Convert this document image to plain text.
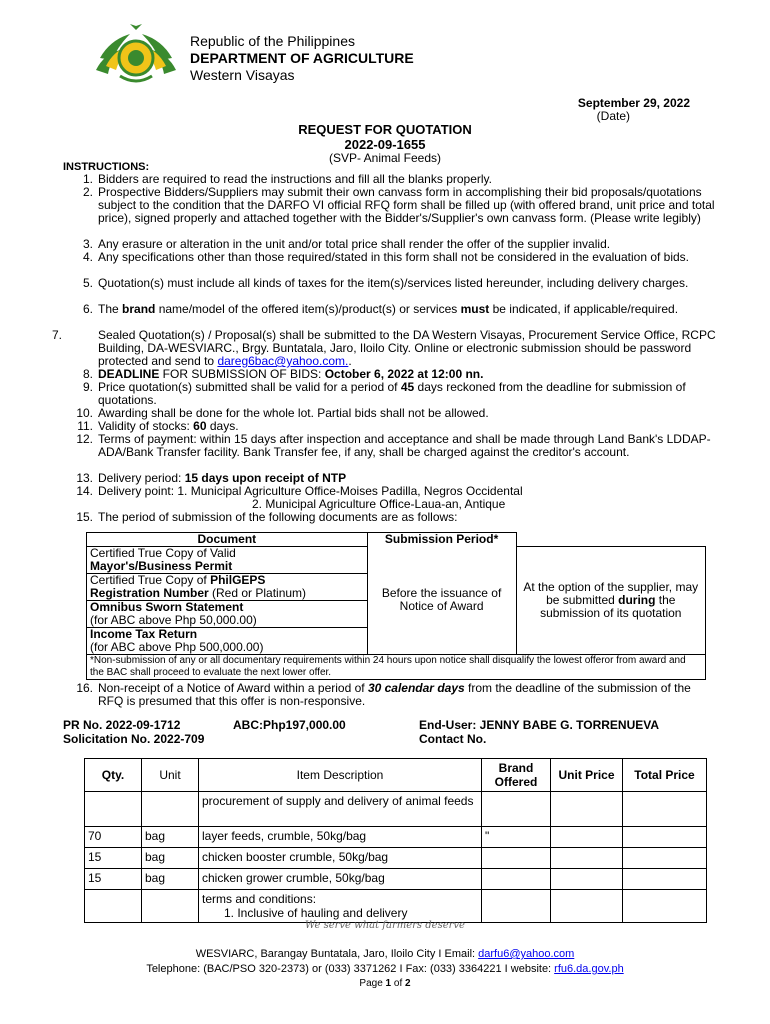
Republic of the Philippines
DEPARTMENT OF AGRICULTURE
Western Visayas
September 29, 2022
(Date)
REQUEST FOR QUOTATION
2022-09-1655
(SVP- Animal Feeds)
INSTRUCTIONS:
1. Bidders are required to read the instructions and fill all the blanks properly.
2. Prospective Bidders/Suppliers may submit their own canvass form in accomplishing their bid proposals/quotations subject to the condition that the DARFO VI official RFQ form shall be filled up (with offered brand, unit price and total price), signed properly and attached together with the Bidder's/Supplier's own canvass form. (Please write legibly)
3. Any erasure or alteration in the unit and/or total price shall render the offer of the supplier invalid.
4. Any specifications other than those required/stated in this form shall not be considered in the evaluation of bids.
5. Quotation(s) must include all kinds of taxes for the item(s)/services listed hereunder, including delivery charges.
6. The brand name/model of the offered item(s)/product(s) or services must be indicated, if applicable/required.
7.	Sealed Quotation(s) / Proposal(s) shall be submitted to the DA Western Visayas, Procurement Service Office, RCPC Building, DA-WESVIARC., Brgy. Buntatala, Jaro, Iloilo City. Online or electronic submission should be password protected and send to dareg6bac@yahoo.com..
8. DEADLINE FOR SUBMISSION OF BIDS: October 6, 2022 at 12:00 nn.
9. Price quotation(s) submitted shall be valid for a period of 45 days reckoned from the deadline for submission of quotations.
10. Awarding shall be done for the whole lot. Partial bids shall not be allowed.
11. Validity of stocks: 60 days.
12. Terms of payment: within 15 days after inspection and acceptance and shall be made through Land Bank's LDDAP-ADA/Bank Transfer facility. Bank Transfer fee, if any, shall be charged against the creditor's account.
13. Delivery period: 15 days upon receipt of NTP
14. Delivery point: 1. Municipal Agriculture Office-Moises Padilla, Negros Occidental
2. Municipal Agriculture Office-Laua-an, Antique
15. The period of submission of the following documents are as follows:
Document	Submission Period*	

Certified True Copy of Valid
Mayor's/Business Permit	Before the issuance of Notice of Award	At the option of the supplier, may be submitted during the submission of its quotation

Certified True Copy of PhilGEPS
Registration Number (Red or Platinum)		

Omnibus Sworn Statement
(for ABC above Php 50,000.00)		

Income Tax Return
(for ABC above Php 500,000.00)		

*Non-submission of any or all documentary requirements within 24 hours upon notice shall disqualify the lowest offeror from award and the BAC shall proceed to evaluate the next lower offer.		
16. Non-receipt of a Notice of Award within a period of 30 calendar days from the deadline of the submission of the RFQ is presumed that this offer is non-responsive.
PR No. 2022-09-1712	ABC:Php197,000.00
Solicitation No. 2022-709
End-User: JENNY BABE G. TORRENUEVA
Contact No.
Qty.	Unit	Item Description	Brand Offered	Unit Price	Total Price
		procurement of supply and delivery of animal feeds			
70	bag	layer feeds, crumble, 50kg/bag	"		
15	bag	chicken booster crumble, 50kg/bag			
15	bag	chicken grower crumble, 50kg/bag			

		terms and conditions:
1. Inclusive of hauling and delivery			

We serve what farmers deserve
WESVIARC, Barangay Buntatala, Jaro, Iloilo City I Email: darfu6@yahoo.com
Telephone: (BAC/PSO 320-2373) or (033) 3371262 I Fax: (033) 3364221 I website: rfu6.da.gov.ph
Page 1 of 2
